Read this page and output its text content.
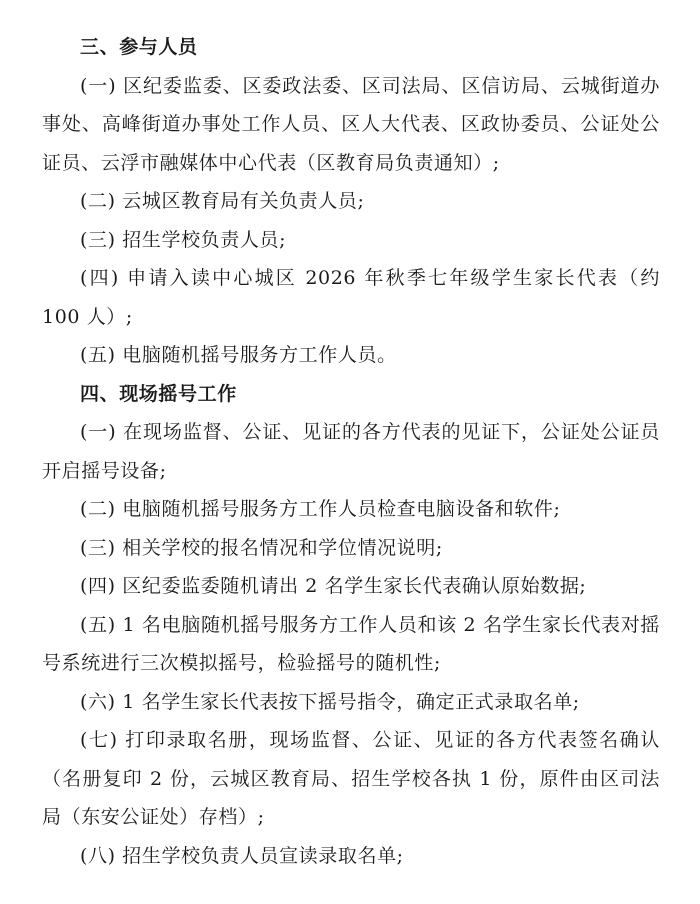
三、参与人员

(一) 区纪委监委、区委政法委、区司法局、区信访局、云城街道办事处、高峰街道办事处工作人员、区人大代表、区政协委员、公证处公证员、云浮市融媒体中心代表（区教育局负责通知）;

(二) 云城区教育局有关负责人员;

(三) 招生学校负责人员;

(四) 申请入读中心城区 2026 年秋季七年级学生家长代表（约 100 人）;

(五) 电脑随机摇号服务方工作人员。

四、现场摇号工作

(一) 在现场监督、公证、见证的各方代表的见证下，公证处公证员开启摇号设备;

(二) 电脑随机摇号服务方工作人员检查电脑设备和软件;

(三) 相关学校的报名情况和学位情况说明;

(四) 区纪委监委随机请出 2 名学生家长代表确认原始数据;

(五) 1 名电脑随机摇号服务方工作人员和该 2 名学生家长代表对摇号系统进行三次模拟摇号，检验摇号的随机性;

(六) 1 名学生家长代表按下摇号指令，确定正式录取名单;

(七) 打印录取名册，现场监督、公证、见证的各方代表签名确认（名册复印 2 份，云城区教育局、招生学校各执 1 份，原件由区司法局（东安公证处）存档）;

(八) 招生学校负责人员宣读录取名单;
